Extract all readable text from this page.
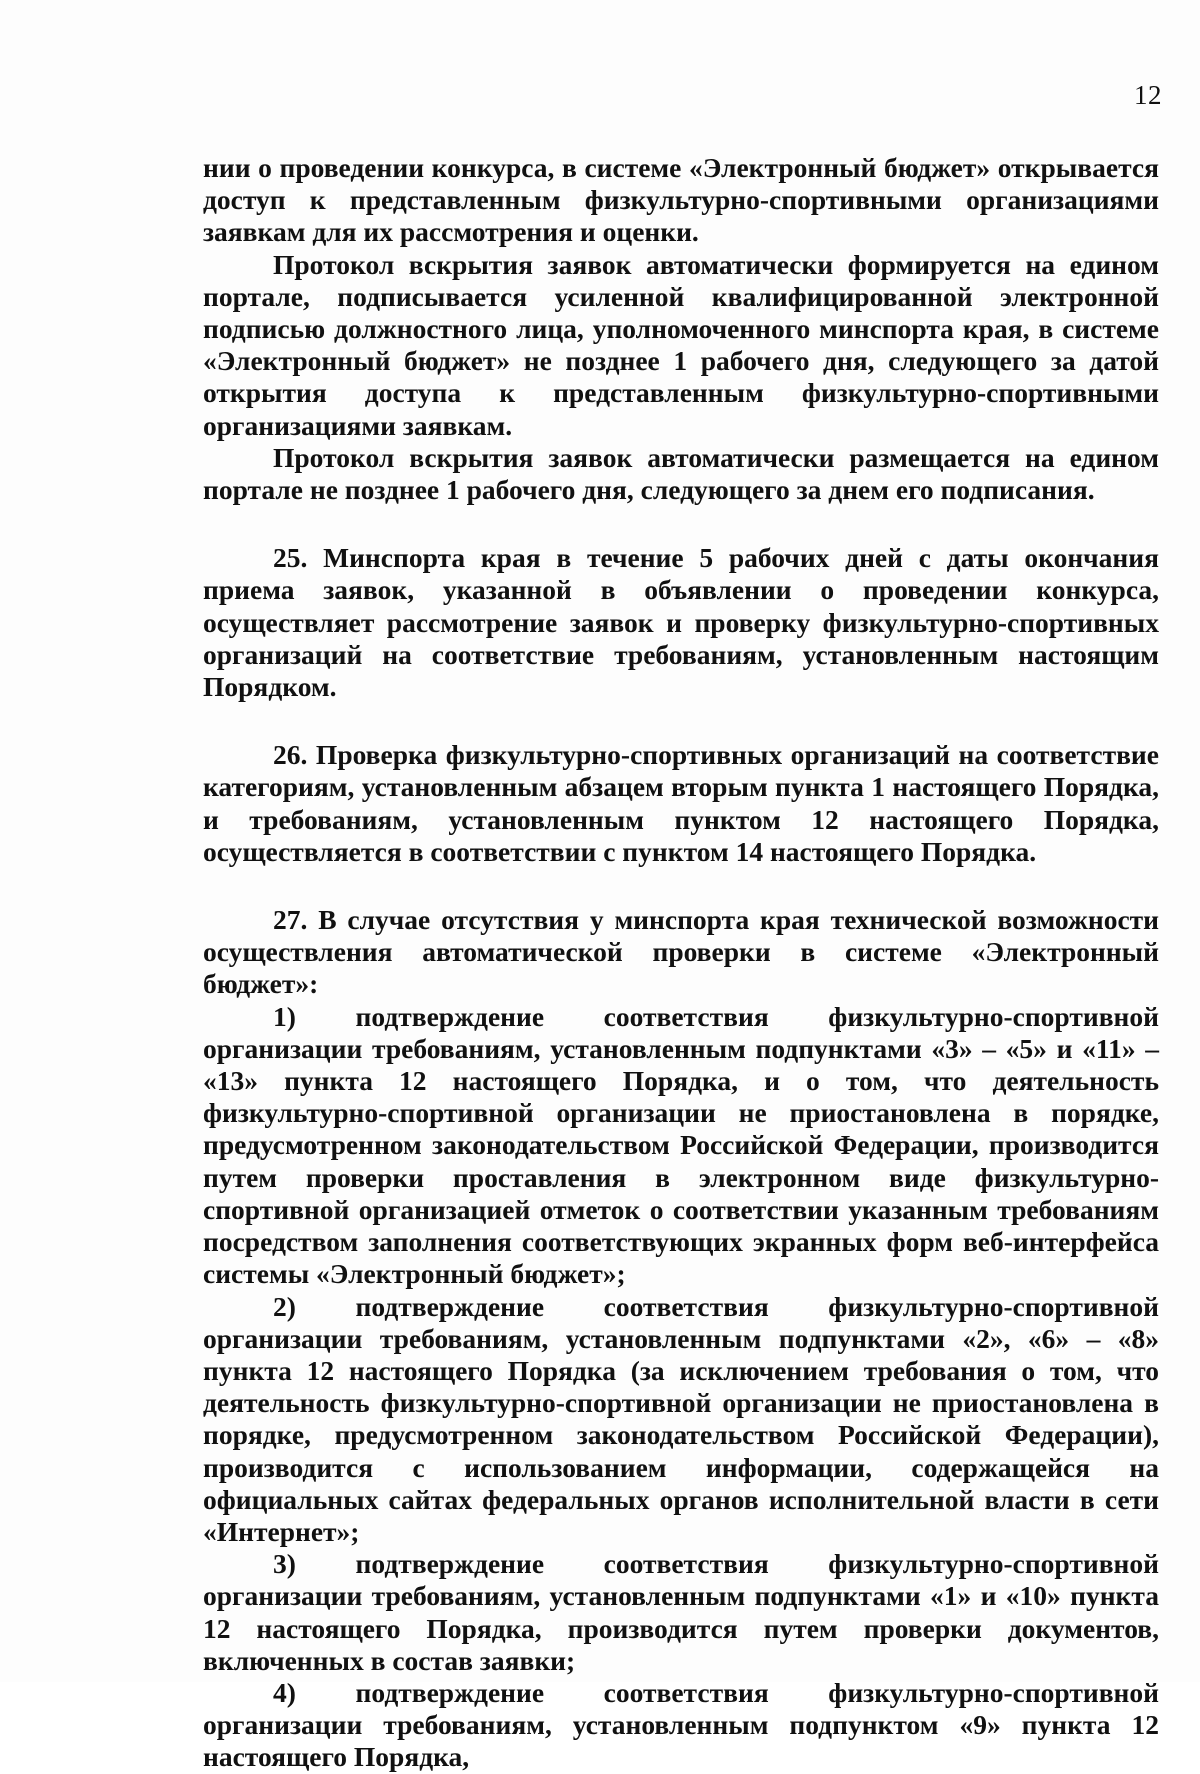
12

нии о проведении конкурса, в системе «Электронный бюджет» открывается доступ к представленным физкультурно-спортивными организациями заявкам для их рассмотрения и оценки.

Протокол вскрытия заявок автоматически формируется на едином портале, подписывается усиленной квалифицированной электронной подписью должностного лица, уполномоченного минспорта края, в системе «Электронный бюджет» не позднее 1 рабочего дня, следующего за датой открытия доступа к представленным физкультурно-спортивными организациями заявкам.

Протокол вскрытия заявок автоматически размещается на едином портале не позднее 1 рабочего дня, следующего за днем его подписания.

25. Минспорта края в течение 5 рабочих дней с даты окончания приема заявок, указанной в объявлении о проведении конкурса, осуществляет рассмотрение заявок и проверку физкультурно-спортивных организаций на соответствие требованиям, установленным настоящим Порядком.

26. Проверка физкультурно-спортивных организаций на соответствие категориям, установленным абзацем вторым пункта 1 настоящего Порядка, и требованиям, установленным пунктом 12 настоящего Порядка, осуществляется в соответствии с пунктом 14 настоящего Порядка.

27. В случае отсутствия у минспорта края технической возможности осуществления автоматической проверки в системе «Электронный бюджет»:

1) подтверждение соответствия физкультурно-спортивной организации требованиям, установленным подпунктами «3» – «5» и «11» – «13» пункта 12 настоящего Порядка, и о том, что деятельность физкультурно-спортивной организации не приостановлена в порядке, предусмотренном законодательством Российской Федерации, производится путем проверки проставления в электронном виде физкультурно-спортивной организацией отметок о соответствии указанным требованиям посредством заполнения соответствующих экранных форм веб-интерфейса системы «Электронный бюджет»;

2) подтверждение соответствия физкультурно-спортивной организации требованиям, установленным подпунктами «2», «6» – «8» пункта 12 настоящего Порядка (за исключением требования о том, что деятельность физкультурно-спортивной организации не приостановлена в порядке, предусмотренном законодательством Российской Федерации), производится с использованием информации, содержащейся на официальных сайтах федеральных органов исполнительной власти в сети «Интернет»;

3) подтверждение соответствия физкультурно-спортивной организации требованиям, установленным подпунктами «1» и «10» пункта 12 настоящего Порядка, производится путем проверки документов, включенных в состав заявки;

4) подтверждение соответствия физкультурно-спортивной организации требованиям, установленным подпунктом «9» пункта 12 настоящего Порядка,
